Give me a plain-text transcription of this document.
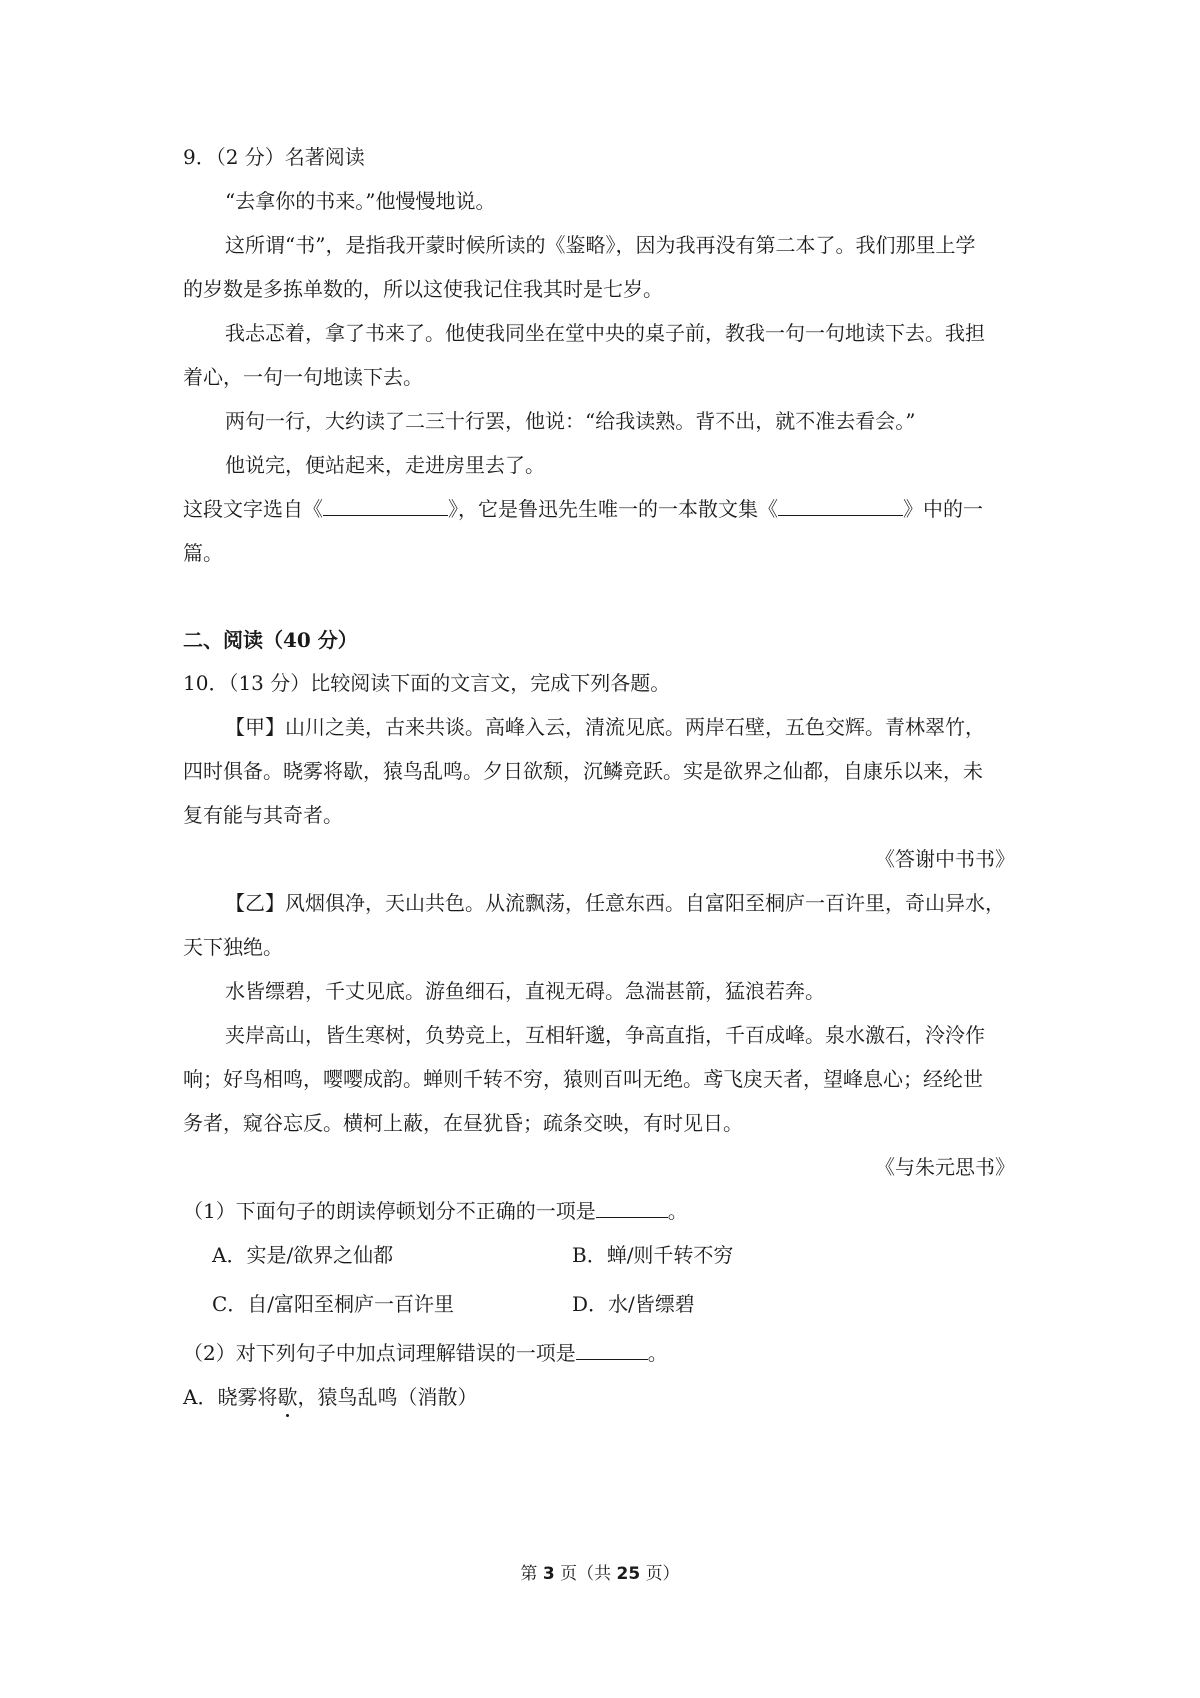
9．（2 分）名著阅读
“去拿你的书来。”他慢慢地说。
这所谓“书”，是指我开蒙时候所读的《鉴略》，因为我再没有第二本了。我们那里上学
的岁数是多拣单数的，所以这使我记住我其时是七岁。
我忐忑着，拿了书来了。他使我同坐在堂中央的桌子前，教我一句一句地读下去。我担
着心，一句一句地读下去。
两句一行，大约读了二三十行罢，他说：“给我读熟。背不出，就不准去看会。”
他说完，便站起来，走进房里去了。
这段文字选自《	》，它是鲁迅先生唯一的一本散文集《	》中的一
篇。
二、阅读（40 分）
10．（13 分）比较阅读下面的文言文，完成下列各题。
【甲】山川之美，古来共谈。高峰入云，清流见底。两岸石壁，五色交辉。青林翠竹，
四时俱备。晓雾将歇，猿鸟乱鸣。夕日欲颓，沉鳞竞跃。实是欲界之仙都，自康乐以来，未
复有能与其奇者。
《答谢中书书》
【乙】风烟俱净，天山共色。从流飘荡，任意东西。自富阳至桐庐一百许里，奇山异水，
天下独绝。
水皆缥碧，千丈见底。游鱼细石，直视无碍。急湍甚箭，猛浪若奔。
夹岸高山，皆生寒树，负势竞上，互相轩邈，争高直指，千百成峰。泉水激石，泠泠作
响；好鸟相鸣，嘤嘤成韵。蝉则千转不穷，猿则百叫无绝。鸢飞戾天者，望峰息心；经纶世
务者，窥谷忘反。横柯上蔽，在昼犹昏；疏条交映，有时见日。
《与朱元思书》
（1）下面句子的朗读停顿划分不正确的一项是	。
A．实是/欲界之仙都	B．蝉/则千转不穷
C．自/富阳至桐庐一百许里	D．水/皆缥碧
（2）对下列句子中加点词理解错误的一项是	。
A．晓雾将歇，猿鸟乱鸣（消散）
第 3 页（共 25 页）
